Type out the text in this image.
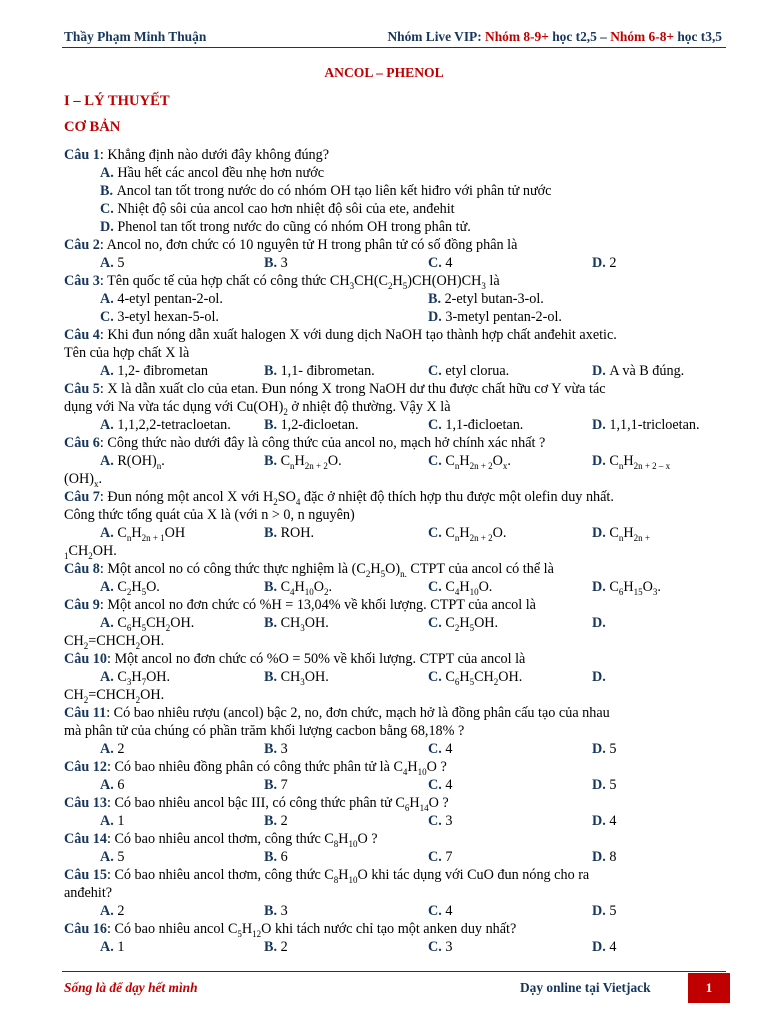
Thầy Phạm Minh Thuận	Nhóm Live VIP: Nhóm 8-9+ học t2,5 – Nhóm 6-8+ học t3,5
ANCOL – PHENOL
I – LÝ THUYẾT
CƠ BẢN
Câu 1: Khẳng định nào dưới đây không đúng?
A. Hầu hết các ancol đều nhẹ hơn nước
B. Ancol tan tốt trong nước do có nhóm OH tạo liên kết hiđro với phân tử nước
C. Nhiệt độ sôi của ancol cao hơn nhiệt độ sôi của ete, anđehit
D. Phenol tan tốt trong nước do cũng có nhóm OH trong phân tử.
Câu 2: Ancol no, đơn chức có 10 nguyên tử H trong phân tử có số đồng phân là
A. 5	B. 3	C. 4	D. 2
Câu 3: Tên quốc tế của hợp chất có công thức $CH_3CH(C_2H_5)CH(OH)CH_3$ là
A. 4-etyl pentan-2-ol.	B. 2-etyl butan-3-ol.
C. 3-etyl hexan-5-ol.	D. 3-metyl pentan-2-ol.
Câu 4: Khi đun nóng dẫn xuất halogen X với dung dịch NaOH tạo thành hợp chất anđehit axetic.
Tên của hợp chất X là
A. 1,2- đibrometan	B. 1,1- đibrometan.	C. etyl clorua.	D. A và B đúng.
Câu 5: X là dẫn xuất clo của etan. Đun nóng X trong NaOH dư thu được chất hữu cơ Y vừa tác
dụng với Na vừa tác dụng với $Cu(OH)_2$ ở nhiệt độ thường. Vậy X là
A. 1,1,2,2-tetracloetan. B. 1,2-đicloetan.	C. 1,1-đicloetan.	D. 1,1,1-tricloetan.
Câu 6: Công thức nào dưới đây là công thức của ancol no, mạch hở chính xác nhất ?
A. $R(OH)_n$.	B. $C_nH_{2n + 2}O$.	C. $C_nH_{2n + 2}O_x$.	D. $C_nH_{2n + 2 - x}$
$(OH)_x$.
Câu 7: Đun nóng một ancol X với $H_2SO_4$ đặc ở nhiệt độ thích hợp thu được một olefin duy nhất.
Công thức tổng quát của X là (với n > 0, n nguyên)
A. $C_nH_{2n + 1}OH$	B. ROH.	C. $C_nH_{2n + 2}O$.	D. $C_nH_{2n +}$
$_1CH_2OH$.
Câu 8: Một ancol no có công thức thực nghiệm là $(C_2H_5O)_{n.}$ CTPT của ancol có thể là
A. $C_2H_5O$.	B. $C_4H_{10}O_2$.	C. $C_4H_{10}O$.	D. $C_6H_{15}O_3$.
Câu 9: Một ancol no đơn chức có %H = 13,04% về khối lượng. CTPT của ancol là
A. $C_6H_5CH_2OH$.	B. $CH_3OH$.	C. $C_2H_5OH$.	D.
$CH_2=CHCH_2OH$.
Câu 10: Một ancol no đơn chức có %O = 50% về khối lượng. CTPT của ancol là
A. $C_3H_7OH$.	B. $CH_3OH$.	C. $C_6H_5CH_2OH$.	D.
$CH_2=CHCH_2OH$.
Câu 11: Có bao nhiêu rượu (ancol) bậc 2, no, đơn chức, mạch hở là đồng phân cấu tạo của nhau
mà phân tử của chúng có phần trăm khối lượng cacbon bằng 68,18% ?
A. 2	B. 3	C. 4	D. 5
Câu 12: Có bao nhiêu đồng phân có công thức phân tử là $C_4H_{10}O$ ?
A. 6	B. 7	C. 4	D. 5
Câu 13: Có bao nhiêu ancol bậc III, có công thức phân tử $C_6H_{14}O$ ?
A. 1	B. 2	C. 3	D. 4
Câu 14: Có bao nhiêu ancol thơm, công thức $C_8H_{10}O$ ?
A. 5	B. 6	C. 7	D. 8
Câu 15: Có bao nhiêu ancol thơm, công thức $C_8H_{10}O$ khi tác dụng với CuO đun nóng cho ra
anđehit?
A. 2	B. 3	C. 4	D. 5
Câu 16: Có bao nhiêu ancol $C_5H_{12}O$ khi tách nước chỉ tạo một anken duy nhất?
A. 1	B. 2	C. 3	D. 4
Sống là để dạy hết mình	Dạy online tại Vietjack	1
